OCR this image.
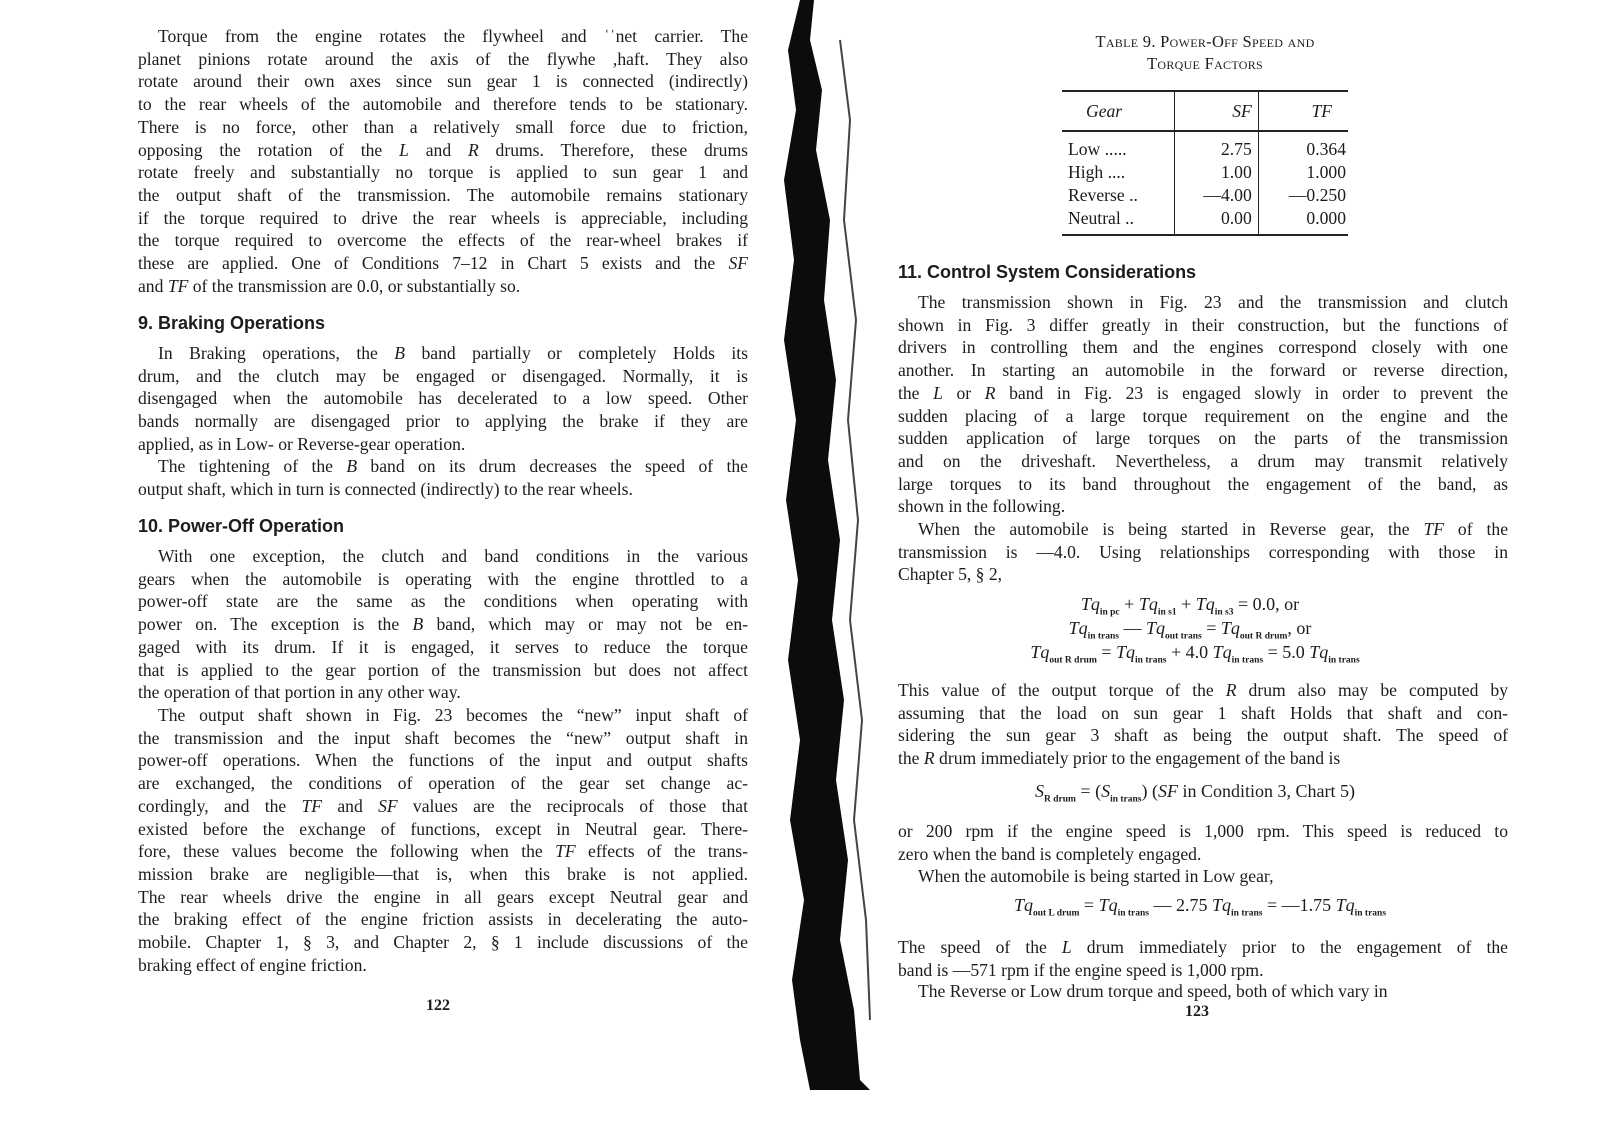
Torque from the engine rotates the flywheel and ˈˈnet carrier. The
planet pinions rotate around the axis of the flywhe ,haft. They also
rotate around their own axes since sun gear 1 is connected (indirectly)
to the rear wheels of the automobile and therefore tends to be stationary.
There is no force, other than a relatively small force due to friction,
opposing the rotation of the L and R drums. Therefore, these drums
rotate freely and substantially no torque is applied to sun gear 1 and
the output shaft of the transmission. The automobile remains stationary
if the torque required to drive the rear wheels is appreciable, including
the torque required to overcome the effects of the rear-wheel brakes if
these are applied. One of Conditions 7–12 in Chart 5 exists and the SF
and TF of the transmission are 0.0, or substantially so.
9. Braking Operations
In Braking operations, the B band partially or completely Holds its
drum, and the clutch may be engaged or disengaged. Normally, it is
disengaged when the automobile has decelerated to a low speed. Other
bands normally are disengaged prior to applying the brake if they are
applied, as in Low- or Reverse-gear operation.
The tightening of the B band on its drum decreases the speed of the
output shaft, which in turn is connected (indirectly) to the rear wheels.
10. Power-Off Operation
With one exception, the clutch and band conditions in the various
gears when the automobile is operating with the engine throttled to a
power-off state are the same as the conditions when operating with
power on. The exception is the B band, which may or may not be en-
gaged with its drum. If it is engaged, it serves to reduce the torque
that is applied to the gear portion of the transmission but does not affect
the operation of that portion in any other way.
The output shaft shown in Fig. 23 becomes the “new” input shaft of
the transmission and the input shaft becomes the “new” output shaft in
power-off operations. When the functions of the input and output shafts
are exchanged, the conditions of operation of the gear set change ac-
cordingly, and the TF and SF values are the reciprocals of those that
existed before the exchange of functions, except in Neutral gear. There-
fore, these values become the following when the TF effects of the trans-
mission brake are negligible—that is, when this brake is not applied.
The rear wheels drive the engine in all gears except Neutral gear and
the braking effect of the engine friction assists in decelerating the auto-
mobile. Chapter 1, § 3, and Chapter 2, § 1 include discussions of the
braking effect of engine friction.
122
Table 9. Power-Off Speed and
Torque Factors
Gear	SF	TF
Low .....	2.75	0.364
High ....	1.00	1.000
Reverse ..	—4.00	—0.250
Neutral ..	0.00	0.000
11. Control System Considerations
The transmission shown in Fig. 23 and the transmission and clutch
shown in Fig. 3 differ greatly in their construction, but the functions of
drivers in controlling them and the engines correspond closely with one
another. In starting an automobile in the forward or reverse direction,
the L or R band in Fig. 23 is engaged slowly in order to prevent the
sudden placing of a large torque requirement on the engine and the
sudden application of large torques on the parts of the transmission
and on the driveshaft. Nevertheless, a drum may transmit relatively
large torques to its band throughout the engagement of the band, as
shown in the following.
When the automobile is being started in Reverse gear, the TF of the
transmission is —4.0. Using relationships corresponding with those in
Chapter 5, § 2,
$Tq_{in pc} + Tq_{in s1} + Tq_{in s3} = 0.0$, or
$Tq_{in trans}$ — $Tq_{out trans} = Tq_{out R drum}$, or
$Tq_{out R drum} = Tq_{in trans} + 4.0$ $Tq_{in trans} = 5.0$ $Tq_{in trans}$
This value of the output torque of the R drum also may be computed by
assuming that the load on sun gear 1 shaft Holds that shaft and con-
sidering the sun gear 3 shaft as being the output shaft. The speed of
the R drum immediately prior to the engagement of the band is
$S_{R drum} = (S_{in trans})$ (SF in Condition 3, Chart 5)
or 200 rpm if the engine speed is 1,000 rpm. This speed is reduced to
zero when the band is completely engaged.
When the automobile is being started in Low gear,
$Tq_{out L drum} = Tq_{in trans}$ — 2.75 $Tq_{in trans}$ = —1.75 $Tq_{in trans}$
The speed of the L drum immediately prior to the engagement of the
band is —571 rpm if the engine speed is 1,000 rpm.
The Reverse or Low drum torque and speed, both of which vary in
123
